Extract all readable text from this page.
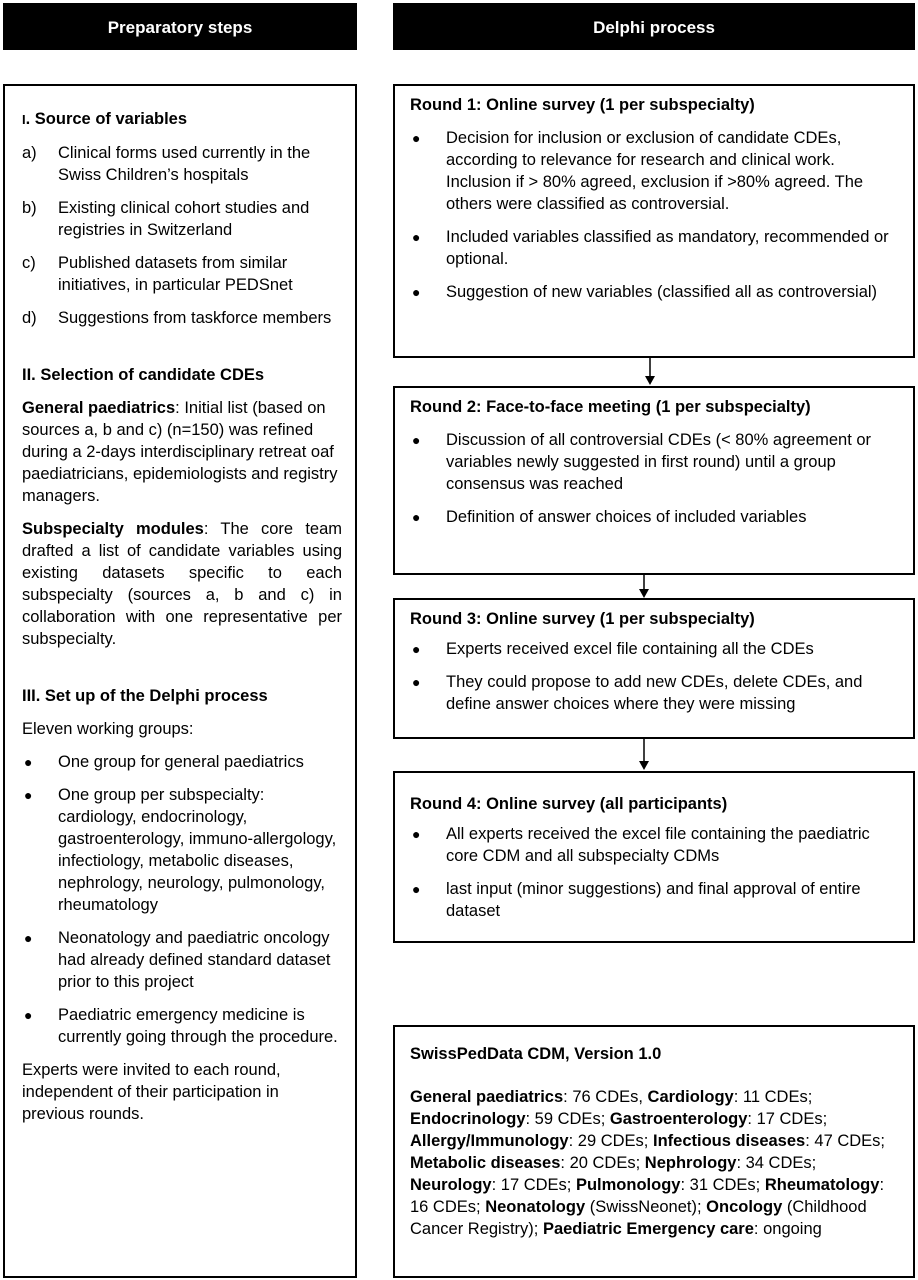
Preparatory steps	Delphi process
I. Source of variables
a) Clinical forms used currently in the Swiss Children’s hospitals
b) Existing clinical cohort studies and registries in Switzerland
c) Published datasets from similar initiatives, in particular PEDSnet
d) Suggestions from taskforce members
II. Selection of candidate CDEs
General paediatrics: Initial list (based on sources a, b and c) (n=150) was refined during a 2-days interdisciplinary retreat oaf paediatricians, epidemiologists and registry managers.
Subspecialty modules: The core team drafted a list of candidate variables using existing datasets specific to each subspecialty (sources a, b and c) in collaboration with one representative per subspecialty.
III. Set up of the Delphi process
Eleven working groups:
● One group for general paediatrics
● One group per subspecialty: cardiology, endocrinology, gastroenterology, immuno-allergology, infectiology, metabolic diseases, nephrology, neurology, pulmonology, rheumatology
● Neonatology and paediatric oncology had already defined standard dataset prior to this project
● Paediatric emergency medicine is currently going through the procedure.
Experts were invited to each round, independent of their participation in previous rounds.
Round 1: Online survey (1 per subspecialty)
● Decision for inclusion or exclusion of candidate CDEs, according to relevance for research and clinical work. Inclusion if > 80% agreed, exclusion if >80% agreed. The others were classified as controversial.
● Included variables classified as mandatory, recommended or optional.
● Suggestion of new variables (classified all as controversial)
Round 2: Face-to-face meeting (1 per subspecialty)
● Discussion of all controversial CDEs (< 80% agreement or variables newly suggested in first round) until a group consensus was reached
● Definition of answer choices of included variables
Round 3: Online survey (1 per subspecialty)
● Experts received excel file containing all the CDEs
● They could propose to add new CDEs, delete CDEs, and define answer choices where they were missing
Round 4: Online survey (all participants)
● All experts received the excel file containing the paediatric core CDM and all subspecialty CDMs
● last input (minor suggestions) and final approval of entire dataset
SwissPedData CDM, Version 1.0
General paediatrics: 76 CDEs, Cardiology: 11 CDEs; Endocrinology: 59 CDEs; Gastroenterology: 17 CDEs; Allergy/Immunology: 29 CDEs; Infectious diseases: 47 CDEs; Metabolic diseases: 20 CDEs; Nephrology: 34 CDEs; Neurology: 17 CDEs; Pulmonology: 31 CDEs; Rheumatology: 16 CDEs; Neonatology (SwissNeonet); Oncology (Childhood Cancer Registry); Paediatric Emergency care: ongoing
